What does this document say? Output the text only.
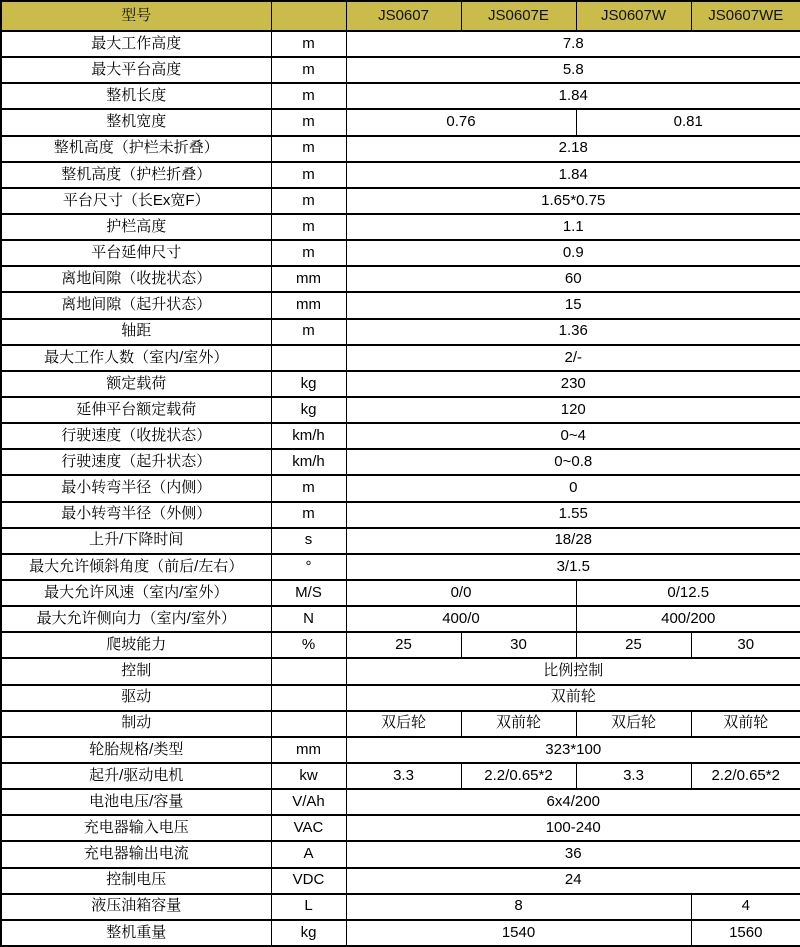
型号		JS0607	JS0607E	JS0607W	JS0607WE
最大工作高度	m	7.8			
最大平台高度	m	5.8			
整机长度	m	1.84			
整机宽度	m	0.76		0.81	
整机高度（护栏未折叠）	m	2.18			
整机高度（护栏折叠）	m	1.84			
平台尺寸（长Ex宽F）	m	1.65*0.75			
护栏高度	m	1.1			
平台延伸尺寸	m	0.9			
离地间隙（收拢状态）	mm	60			
离地间隙（起升状态）	mm	15			
轴距	m	1.36			
最大工作人数（室内/室外）		2/-			
额定载荷	kg	230			
延伸平台额定载荷	kg	120			
行驶速度（收拢状态）	km/h	0~4			
行驶速度（起升状态）	km/h	0~0.8			
最小转弯半径（内侧）	m	0			
最小转弯半径（外侧）	m	1.55			
上升/下降时间	s	18/28			
最大允许倾斜角度（前后/左右）	°	3/1.5			
最大允许风速（室内/室外）	M/S	0/0		0/12.5	
最大允许侧向力（室内/室外）	N	400/0		400/200	
爬坡能力	%	25	30	25	30
控制		比例控制			
驱动		双前轮			
制动		双后轮	双前轮	双后轮	双前轮
轮胎规格/类型	mm	323*100			
起升/驱动电机	kw	3.3	2.2/0.65*2	3.3	2.2/0.65*2
电池电压/容量	V/Ah	6x4/200			
充电器输入电压	VAC	100-240			
充电器输出电流	A	36			
控制电压	VDC	24			
液压油箱容量	L	8			4
整机重量	kg	1540			1560
